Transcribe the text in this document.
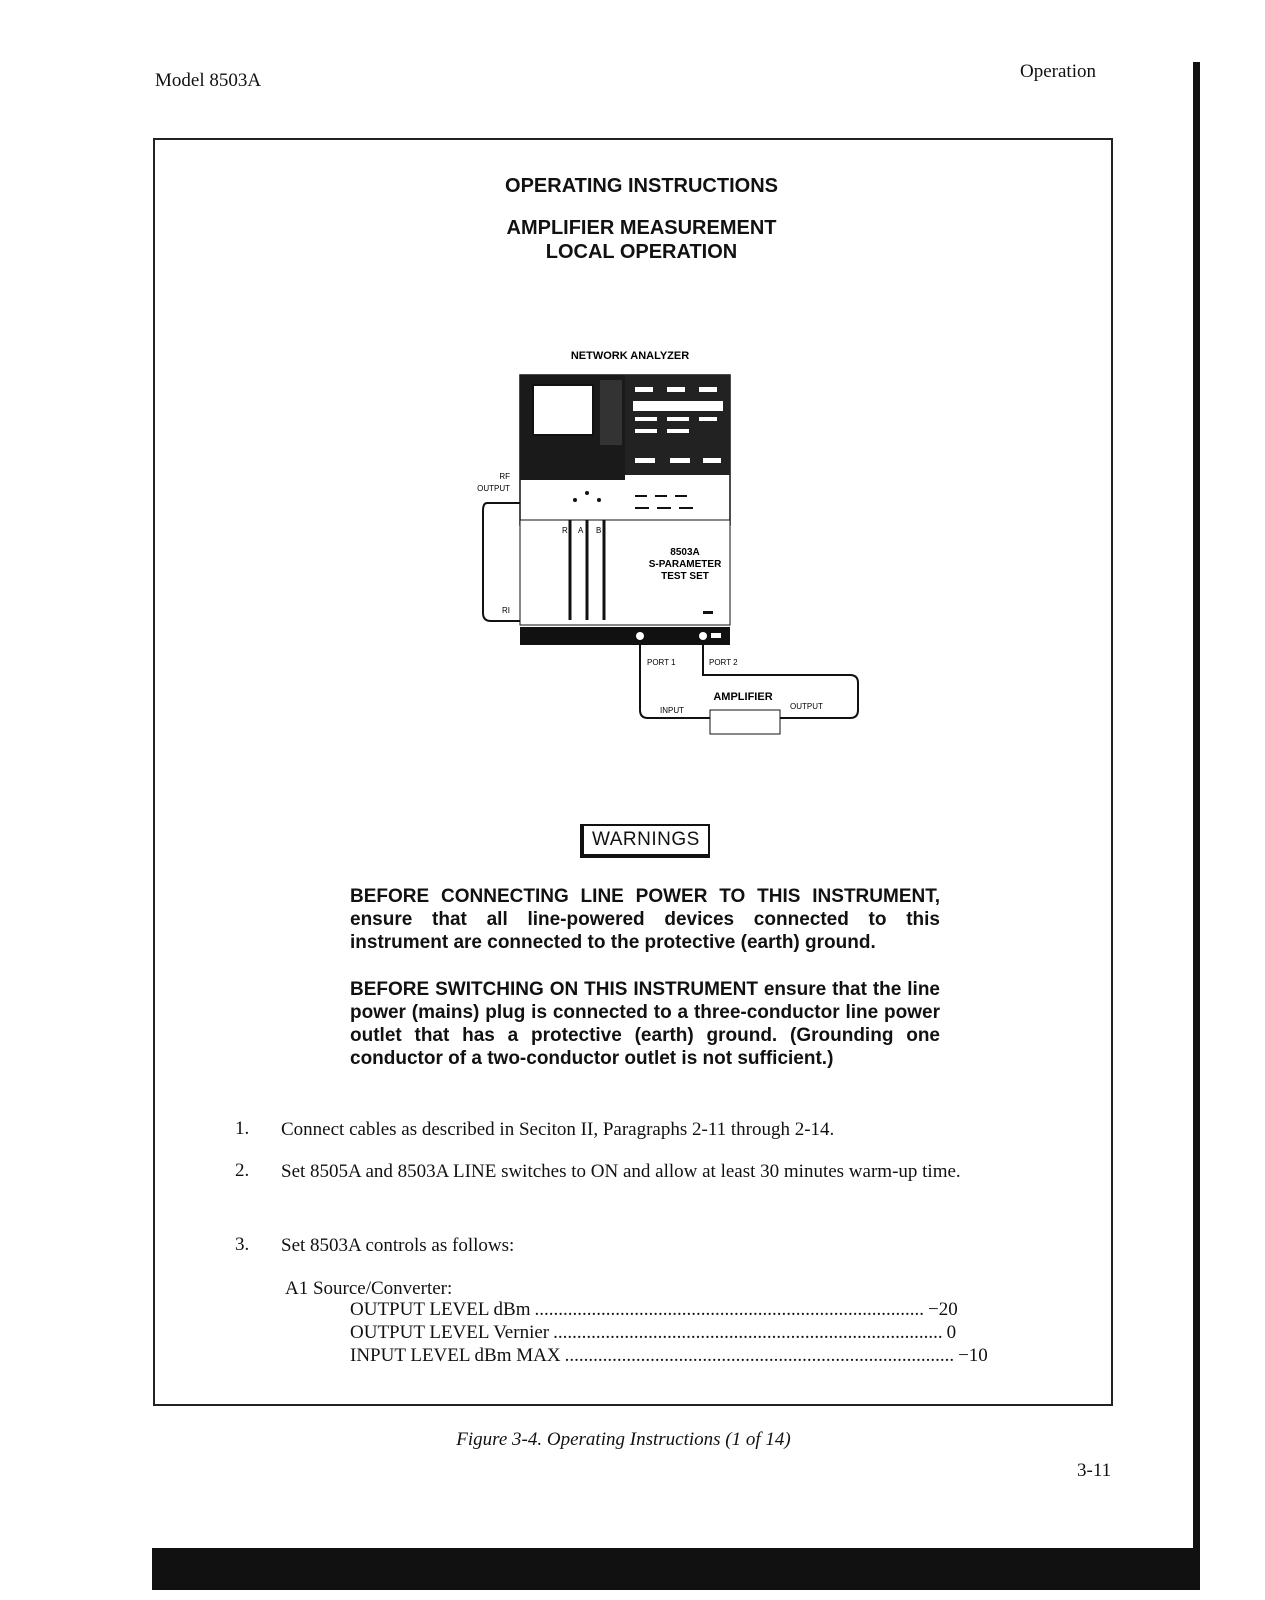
Model 8503A	Operation
OPERATING INSTRUCTIONS
AMPLIFIER MEASUREMENT
LOCAL OPERATION
NETWORK ANALYZER
RF
OUTPUT
R A B
RI
8503A
S-PARAMETER
TEST SET
PORT 1	PORT 2
AMPLIFIER
INPUT	OUTPUT
WARNINGS
BEFORE CONNECTING LINE POWER TO THIS INSTRUMENT, ensure that all line-powered devices connected to this instrument are connected to the protective (earth) ground.
BEFORE SWITCHING ON THIS INSTRUMENT ensure that the line power (mains) plug is connected to a three-conductor line power outlet that has a protective (earth) ground. (Grounding one conductor of a two-conductor outlet is not sufficient.)
1. Connect cables as described in Seciton II, Paragraphs 2-11 through 2-14.
2. Set 8505A and 8503A LINE switches to ON and allow at least 30 minutes warm-up time.
3. Set 8503A controls as follows:
A1 Source/Converter:
OUTPUT LEVEL dBm .................................................................................. −20
OUTPUT LEVEL Vernier .................................................................................. 0
INPUT LEVEL dBm MAX .................................................................................. −10
Figure 3-4. Operating Instructions (1 of 14)
3-11
